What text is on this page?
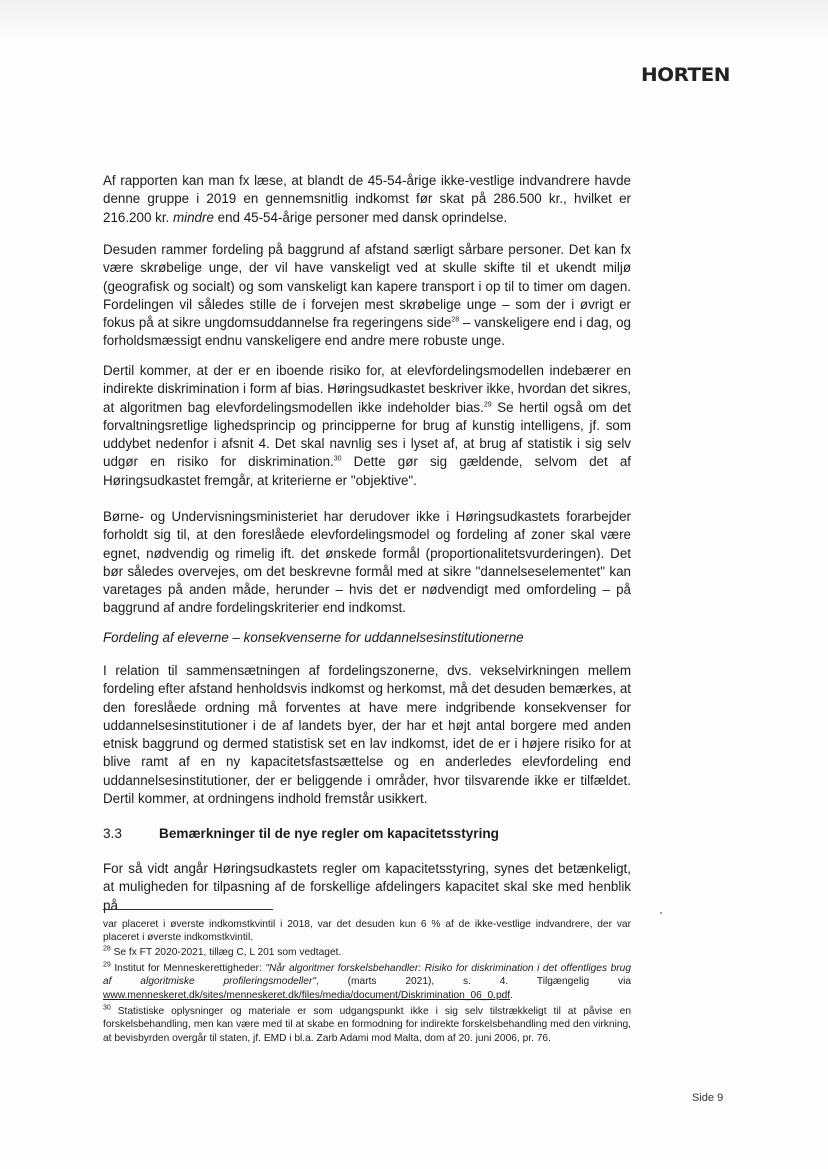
HORTEN

Af rapporten kan man fx læse, at blandt de 45-54-årige ikke-vestlige indvandrere havde denne gruppe i 2019 en gennemsnitlig indkomst før skat på 286.500 kr., hvilket er 216.200 kr. mindre end 45-54-årige personer med dansk oprindelse.

Desuden rammer fordeling på baggrund af afstand særligt sårbare personer. Det kan fx være skrøbelige unge, der vil have vanskeligt ved at skulle skifte til et ukendt miljø (geografisk og socialt) og som vanskeligt kan kapere transport i op til to timer om dagen. Fordelingen vil således stille de i forvejen mest skrøbelige unge – som der i øvrigt er fokus på at sikre ungdomsuddannelse fra regeringens side$^{28}$ – vanskeligere end i dag, og forholdsmæssigt endnu vanskeligere end andre mere robuste unge.

Dertil kommer, at der er en iboende risiko for, at elevfordelingsmodellen indebærer en indirekte diskrimination i form af bias. Høringsudkastet beskriver ikke, hvordan det sikres, at algoritmen bag elevfordelingsmodellen ikke indeholder bias.$^{29}$ Se hertil også om det forvaltningsretlige lighedsprincip og principperne for brug af kunstig intelligens, jf. som uddybet nedenfor i afsnit 4. Det skal navnlig ses i lyset af, at brug af statistik i sig selv udgør en risiko for diskrimination.$^{30}$ Dette gør sig gældende, selvom det af Høringsudkastet fremgår, at kriterierne er "objektive".

Børne- og Undervisningsministeriet har derudover ikke i Høringsudkastets forarbejder forholdt sig til, at den foreslåede elevfordelingsmodel og fordeling af zoner skal være egnet, nødvendig og rimelig ift. det ønskede formål (proportionalitetsvurderingen). Det bør således overvejes, om det beskrevne formål med at sikre "dannelseselementet" kan varetages på anden måde, herunder – hvis det er nødvendigt med omfordeling – på baggrund af andre fordelingskriterier end indkomst.

Fordeling af eleverne – konsekvenserne for uddannelsesinstitutionerne

I relation til sammensætningen af fordelingszonerne, dvs. vekselvirkningen mellem fordeling efter afstand henholdsvis indkomst og herkomst, må det desuden bemærkes, at den foreslåede ordning må forventes at have mere indgribende konsekvenser for uddannelsesinstitutioner i de af landets byer, der har et højt antal borgere med anden etnisk baggrund og dermed statistisk set en lav indkomst, idet de er i højere risiko for at blive ramt af en ny kapacitetsfastsættelse og en anderledes elevfordeling end uddannelsesinstitutioner, der er beliggende i områder, hvor tilsvarende ikke er tilfældet. Dertil kommer, at ordningens indhold fremstår usikkert.

3.3	Bemærkninger til de nye regler om kapacitetsstyring

For så vidt angår Høringsudkastets regler om kapacitetsstyring, synes det betænkeligt, at muligheden for tilpasning af de forskellige afdelingers kapacitet skal ske med henblik på

var placeret i øverste indkomstkvintil i 2018, var det desuden kun 6 % af de ikke-vestlige indvandrere, der var placeret i øverste indkomstkvintil.

$^{28}$ Se fx FT 2020-2021, tillæg C, L 201 som vedtaget.

$^{29}$ Institut for Menneskerettigheder: "Når algoritmer forskelsbehandler: Risiko for diskrimination i det offentliges brug af algoritmiske profileringsmodeller", (marts 2021), s. 4. Tilgængelig via www.menneskeret.dk/sites/menneskeret.dk/files/media/document/Diskrimination_06_0.pdf.

$^{30}$ Statistiske oplysninger og materiale er som udgangspunkt ikke i sig selv tilstrækkeligt til at påvise en forskelsbehandling, men kan være med til at skabe en formodning for indirekte forskelsbehandling med den virkning, at bevisbyrden overgår til staten, jf. EMD i bl.a. Zarb Adami mod Malta, dom af 20. juni 2006, pr. 76.

Side 9
